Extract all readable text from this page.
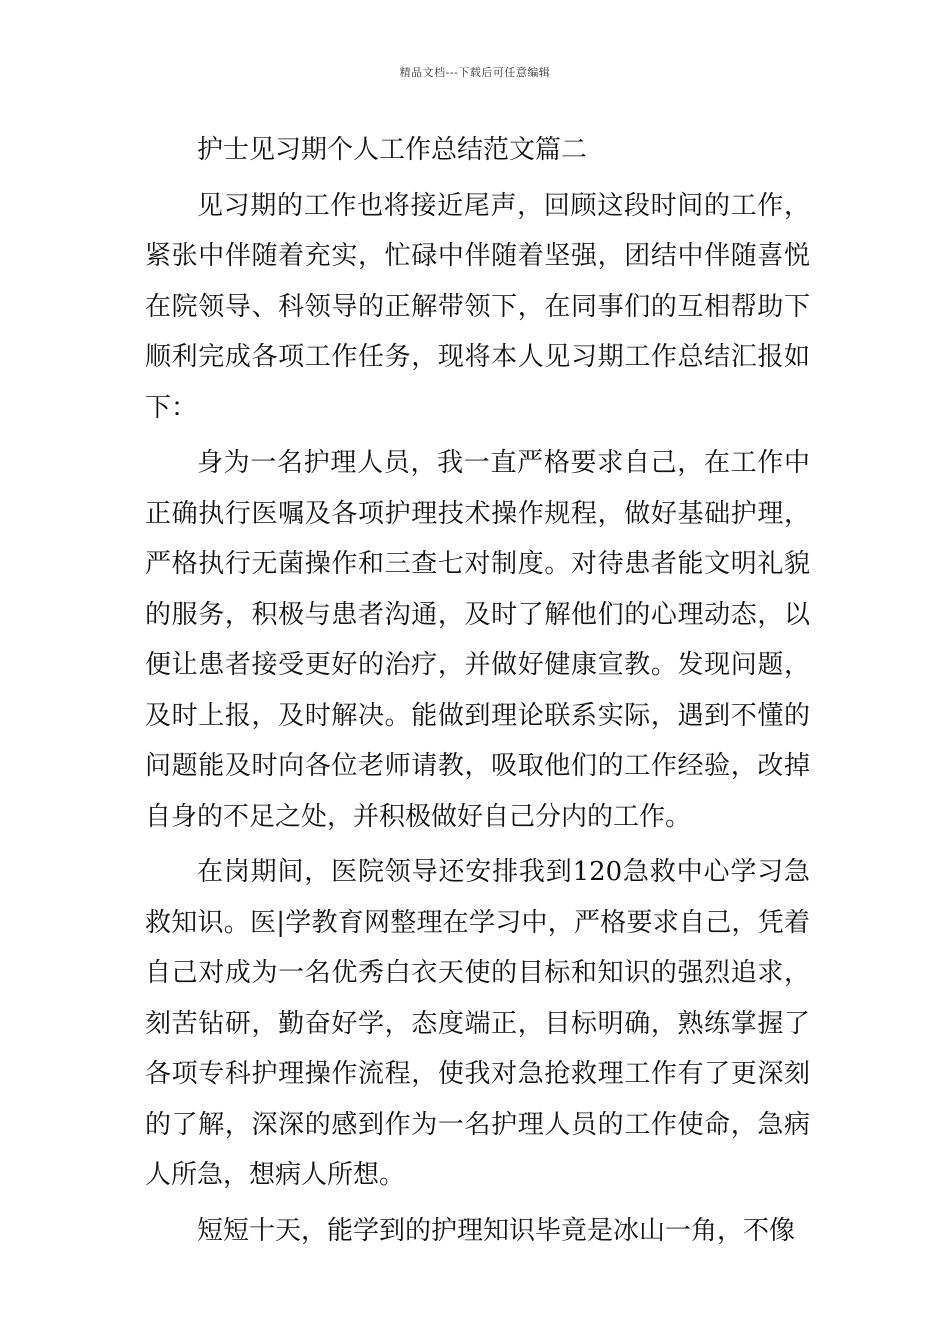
精品文档---下载后可任意编辑

护士见习期个人工作总结范文篇二

见习期的工作也将接近尾声，回顾这段时间的工作，紧张中伴随着充实，忙碌中伴随着坚强，团结中伴随喜悦在院领导、科领导的正解带领下，在同事们的互相帮助下顺利完成各项工作任务，现将本人见习期工作总结汇报如下：

身为一名护理人员，我一直严格要求自己，在工作中正确执行医嘱及各项护理技术操作规程，做好基础护理，严格执行无菌操作和三查七对制度。对待患者能文明礼貌的服务，积极与患者沟通，及时了解他们的心理动态，以便让患者接受更好的治疗，并做好健康宣教。发现问题，及时上报，及时解决。能做到理论联系实际，遇到不懂的问题能及时向各位老师请教，吸取他们的工作经验，改掉自身的不足之处，并积极做好自己分内的工作。

在岗期间，医院领导还安排我到120急救中心学习急救知识。医|学教育网整理在学习中，严格要求自己，凭着自己对成为一名优秀白衣天使的目标和知识的强烈追求，刻苦钻研，勤奋好学，态度端正，目标明确，熟练掌握了各项专科护理操作流程，使我对急抢救理工作有了更深刻的了解，深深的感到作为一名护理人员的工作使命，急病人所急，想病人所想。

短短十天，能学到的护理知识毕竟是冰山一角，不像
